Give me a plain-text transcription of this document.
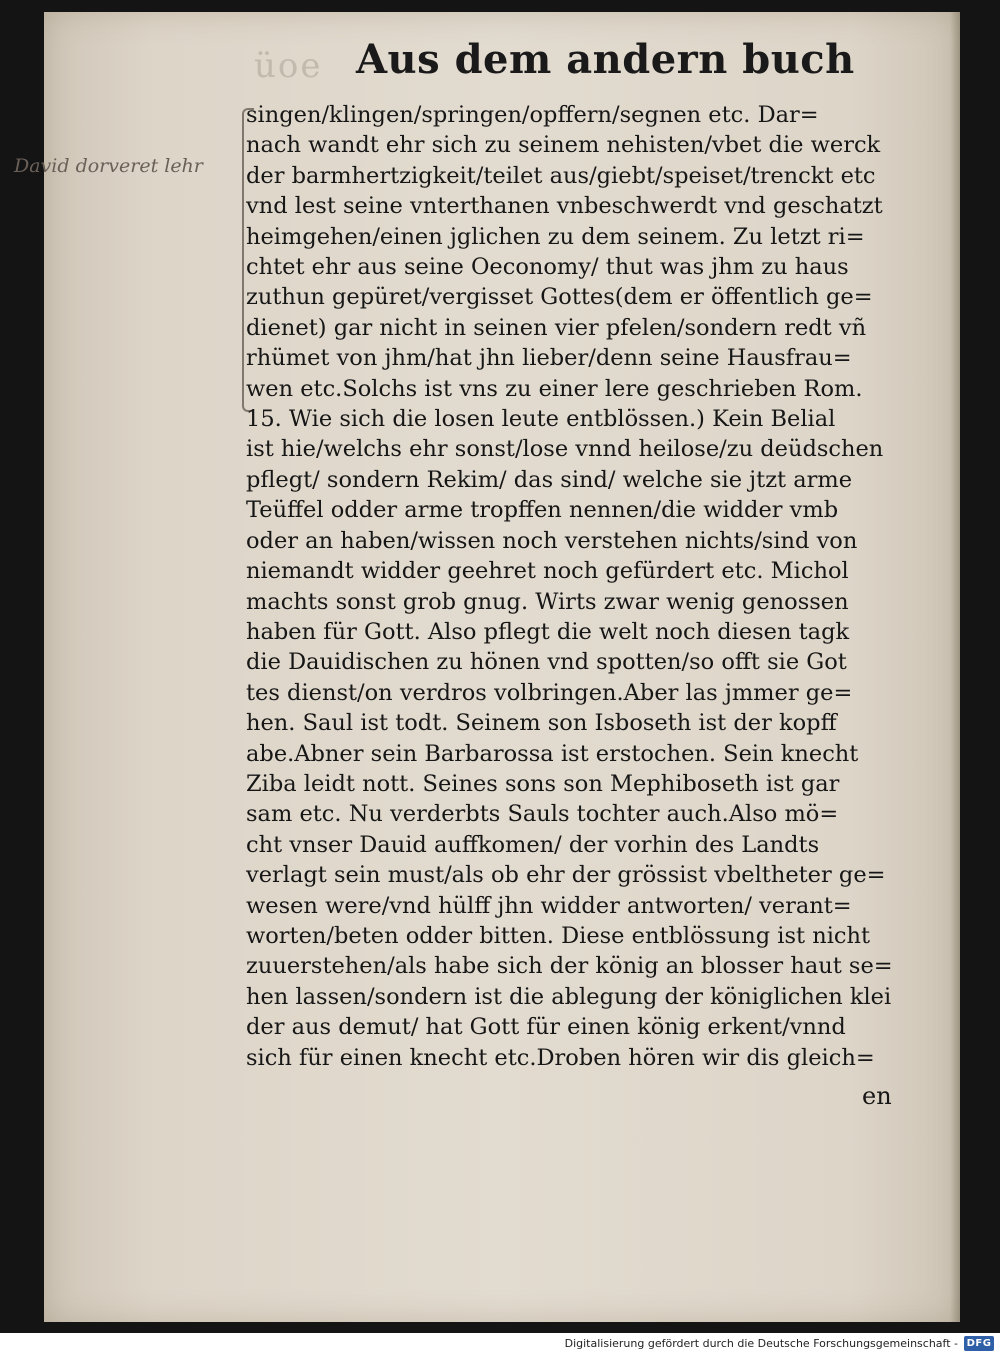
üoe Aus dem andern buch
David dorveret lehr
singen/klingen/springen/opffern/segnen etc. Dar=
nach wandt ehr sich zu seinem nehisten/vbet die werck
der barmhertzigkeit/teilet aus/giebt/speiset/trenckt etc
vnd lest seine vnterthanen vnbeschwerdt vnd geschatzt
heimgehen/einen jglichen zu dem seinem. Zu letzt ri=
chtet ehr aus seine Oeconomy/ thut was jhm zu haus
zuthun gepüret/vergisset Gottes(dem er öffentlich ge=
dienet) gar nicht in seinen vier pfelen/sondern redt vñ
rhümet von jhm/hat jhn lieber/denn seine Hausfrau=
wen etc.Solchs ist vns zu einer lere geschrieben Rom.
15. Wie sich die losen leute entblössen.) Kein Belial
ist hie/welchs ehr sonst/lose vnnd heilose/zu deüdschen
pflegt/ sondern Rekim/ das sind/ welche sie jtzt arme
Teüffel odder arme tropffen nennen/die widder vmb
oder an haben/wissen noch verstehen nichts/sind von
niemandt widder geehret noch gefürdert etc. Michol
machts sonst grob gnug. Wirts zwar wenig genossen
haben für Gott. Also pflegt die welt noch diesen tagk
die Dauidischen zu hönen vnd spotten/so offt sie Got
tes dienst/on verdros volbringen.Aber las jmmer ge=
hen. Saul ist todt. Seinem son Isboseth ist der kopff
abe.Abner sein Barbarossa ist erstochen. Sein knecht
Ziba leidt nott. Seines sons son Mephiboseth ist gar
sam etc. Nu verderbts Sauls tochter auch.Also mö=
cht vnser Dauid auffkomen/ der vorhin des Landts
verlagt sein must/als ob ehr der grössist vbeltheter ge=
wesen were/vnd hülff jhn widder antworten/ verant=
worten/beten odder bitten. Diese entblössung ist nicht
zuuerstehen/als habe sich der könig an blosser haut se=
hen lassen/sondern ist die ablegung der königlichen klei
der aus demut/ hat Gott für einen könig erkent/vnnd
sich für einen knecht etc.Droben hören wir dis gleich=
en
Digitalisierung gefördert durch die Deutsche Forschungsgemeinschaft - DFG
